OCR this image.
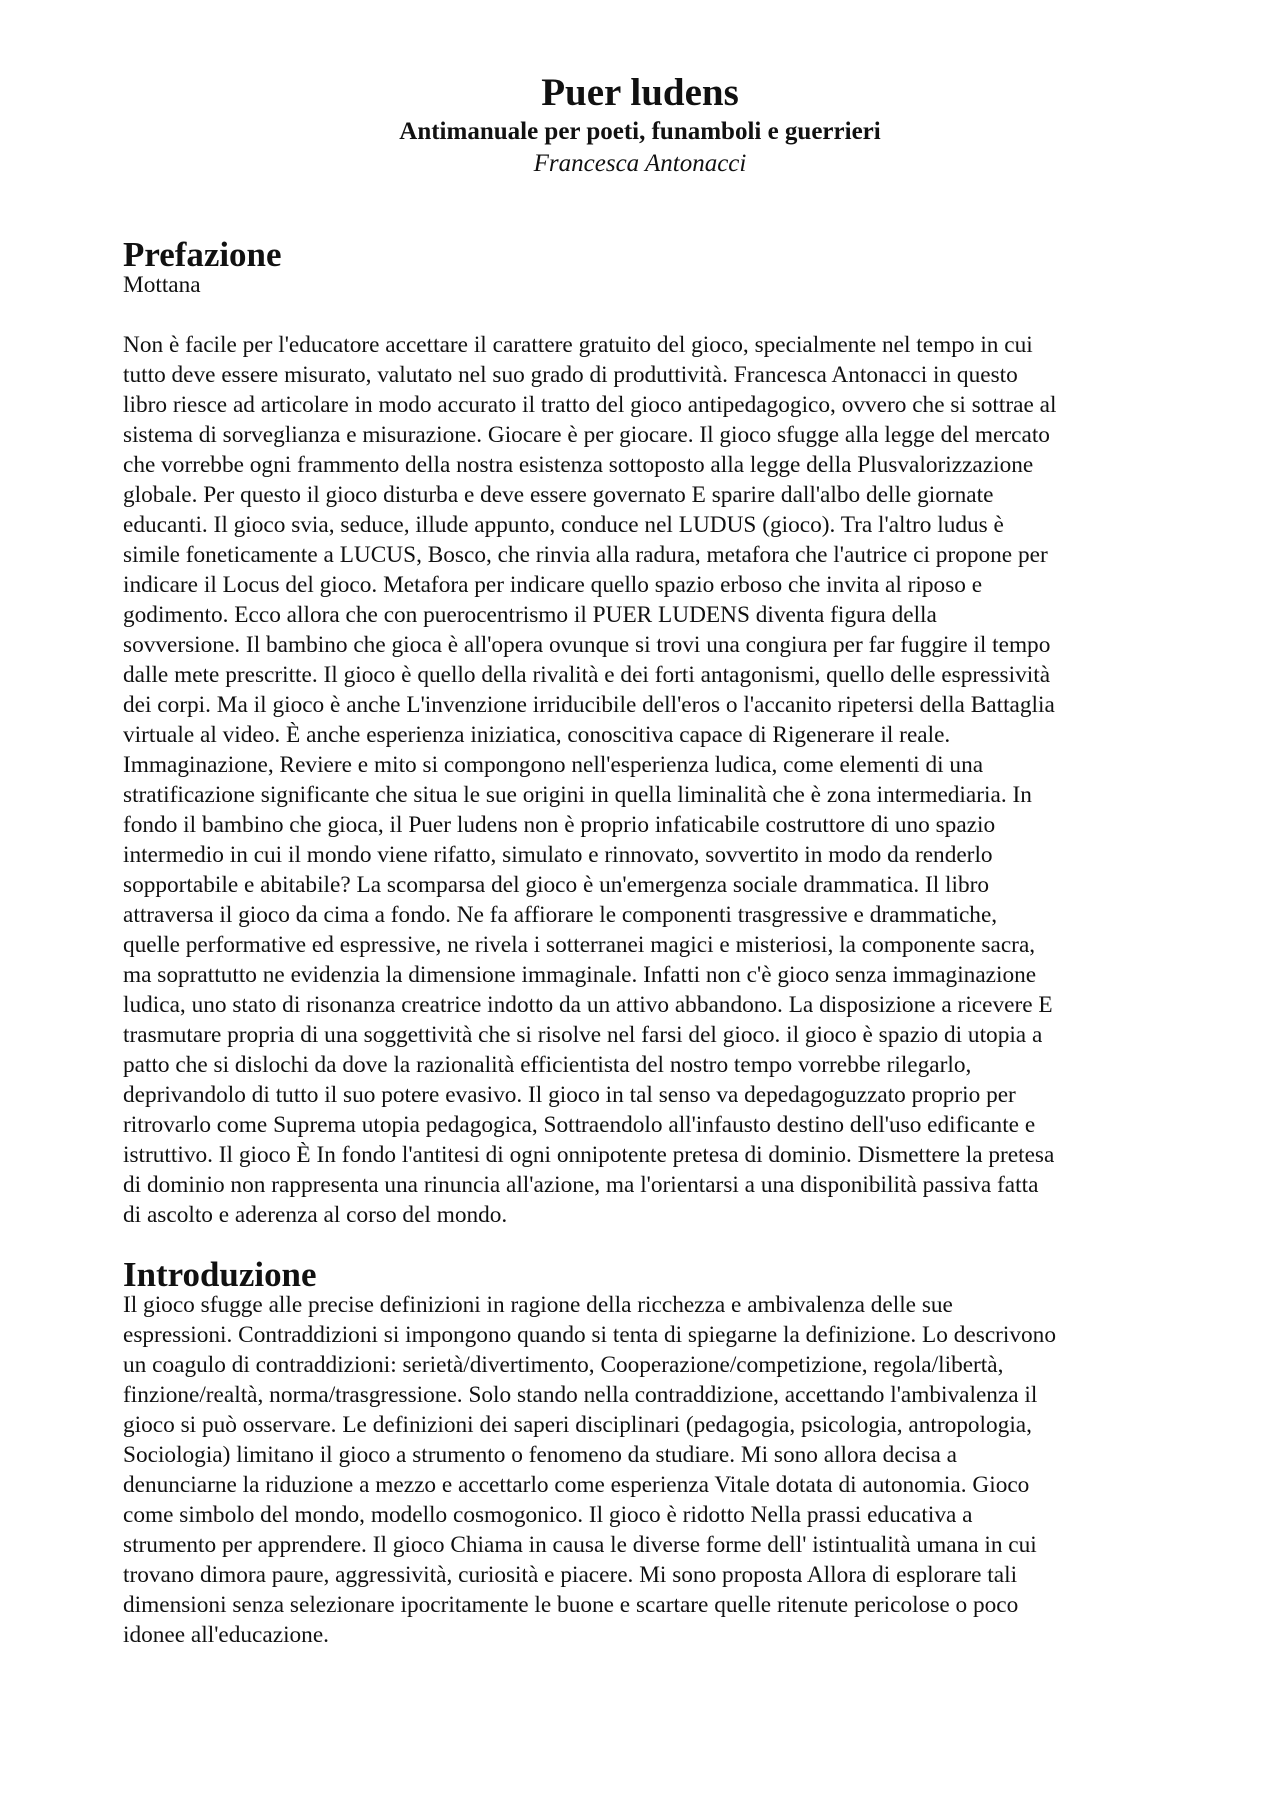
Puer ludens

Antimanuale per poeti, funamboli e guerrieri

Francesca Antonacci

Prefazione

Mottana

Non è facile per l'educatore accettare il carattere gratuito del gioco, specialmente nel tempo in cui
tutto deve essere misurato, valutato nel suo grado di produttività. Francesca Antonacci in questo
libro riesce ad articolare in modo accurato il tratto del gioco antipedagogico, ovvero che si sottrae al
sistema di sorveglianza e misurazione. Giocare è per giocare. Il gioco sfugge alla legge del mercato
che vorrebbe ogni frammento della nostra esistenza sottoposto alla legge della Plusvalorizzazione
globale. Per questo il gioco disturba e deve essere governato E sparire dall'albo delle giornate
educanti. Il gioco svia, seduce, illude appunto, conduce nel LUDUS (gioco). Tra l'altro ludus è
simile foneticamente a LUCUS, Bosco, che rinvia alla radura, metafora che l'autrice ci propone per
indicare il Locus del gioco. Metafora per indicare quello spazio erboso che invita al riposo e
godimento. Ecco allora che con puerocentrismo il PUER LUDENS diventa figura della
sovversione. Il bambino che gioca è all'opera ovunque si trovi una congiura per far fuggire il tempo
dalle mete prescritte. Il gioco è quello della rivalità e dei forti antagonismi, quello delle espressività
dei corpi. Ma il gioco è anche L'invenzione irriducibile dell'eros o l'accanito ripetersi della Battaglia
virtuale al video. È anche esperienza iniziatica, conoscitiva capace di Rigenerare il reale.
Immaginazione, Reviere e mito si compongono nell'esperienza ludica, come elementi di una
stratificazione significante che situa le sue origini in quella liminalità che è zona intermediaria. In
fondo il bambino che gioca, il Puer ludens non è proprio infaticabile costruttore di uno spazio
intermedio in cui il mondo viene rifatto, simulato e rinnovato, sovvertito in modo da renderlo
sopportabile e abitabile? La scomparsa del gioco è un'emergenza sociale drammatica. Il libro
attraversa il gioco da cima a fondo. Ne fa affiorare le componenti trasgressive e drammatiche,
quelle performative ed espressive, ne rivela i sotterranei magici e misteriosi, la componente sacra,
ma soprattutto ne evidenzia la dimensione immaginale. Infatti non c'è gioco senza immaginazione
ludica, uno stato di risonanza creatrice indotto da un attivo abbandono. La disposizione a ricevere E
trasmutare propria di una soggettività che si risolve nel farsi del gioco. il gioco è spazio di utopia a
patto che si dislochi da dove la razionalità efficientista del nostro tempo vorrebbe rilegarlo,
deprivandolo di tutto il suo potere evasivo. Il gioco in tal senso va depedagoguzzato proprio per
ritrovarlo come Suprema utopia pedagogica, Sottraendolo all'infausto destino dell'uso edificante e
istruttivo. Il gioco È In fondo l'antitesi di ogni onnipotente pretesa di dominio. Dismettere la pretesa
di dominio non rappresenta una rinuncia all'azione, ma l'orientarsi a una disponibilità passiva fatta
di ascolto e aderenza al corso del mondo.

Introduzione

Il gioco sfugge alle precise definizioni in ragione della ricchezza e ambivalenza delle sue
espressioni. Contraddizioni si impongono quando si tenta di spiegarne la definizione. Lo descrivono
un coagulo di contraddizioni: serietà/divertimento, Cooperazione/competizione, regola/libertà,
finzione/realtà, norma/trasgressione. Solo stando nella contraddizione, accettando l'ambivalenza il
gioco si può osservare. Le definizioni dei saperi disciplinari (pedagogia, psicologia, antropologia,
Sociologia) limitano il gioco a strumento o fenomeno da studiare. Mi sono allora decisa a
denunciarne la riduzione a mezzo e accettarlo come esperienza Vitale dotata di autonomia. Gioco
come simbolo del mondo, modello cosmogonico. Il gioco è ridotto Nella prassi educativa a
strumento per apprendere. Il gioco Chiama in causa le diverse forme dell' istintualità umana in cui
trovano dimora paure, aggressività, curiosità e piacere. Mi sono proposta Allora di esplorare tali
dimensioni senza selezionare ipocritamente le buone e scartare quelle ritenute pericolose o poco
idonee all'educazione.
